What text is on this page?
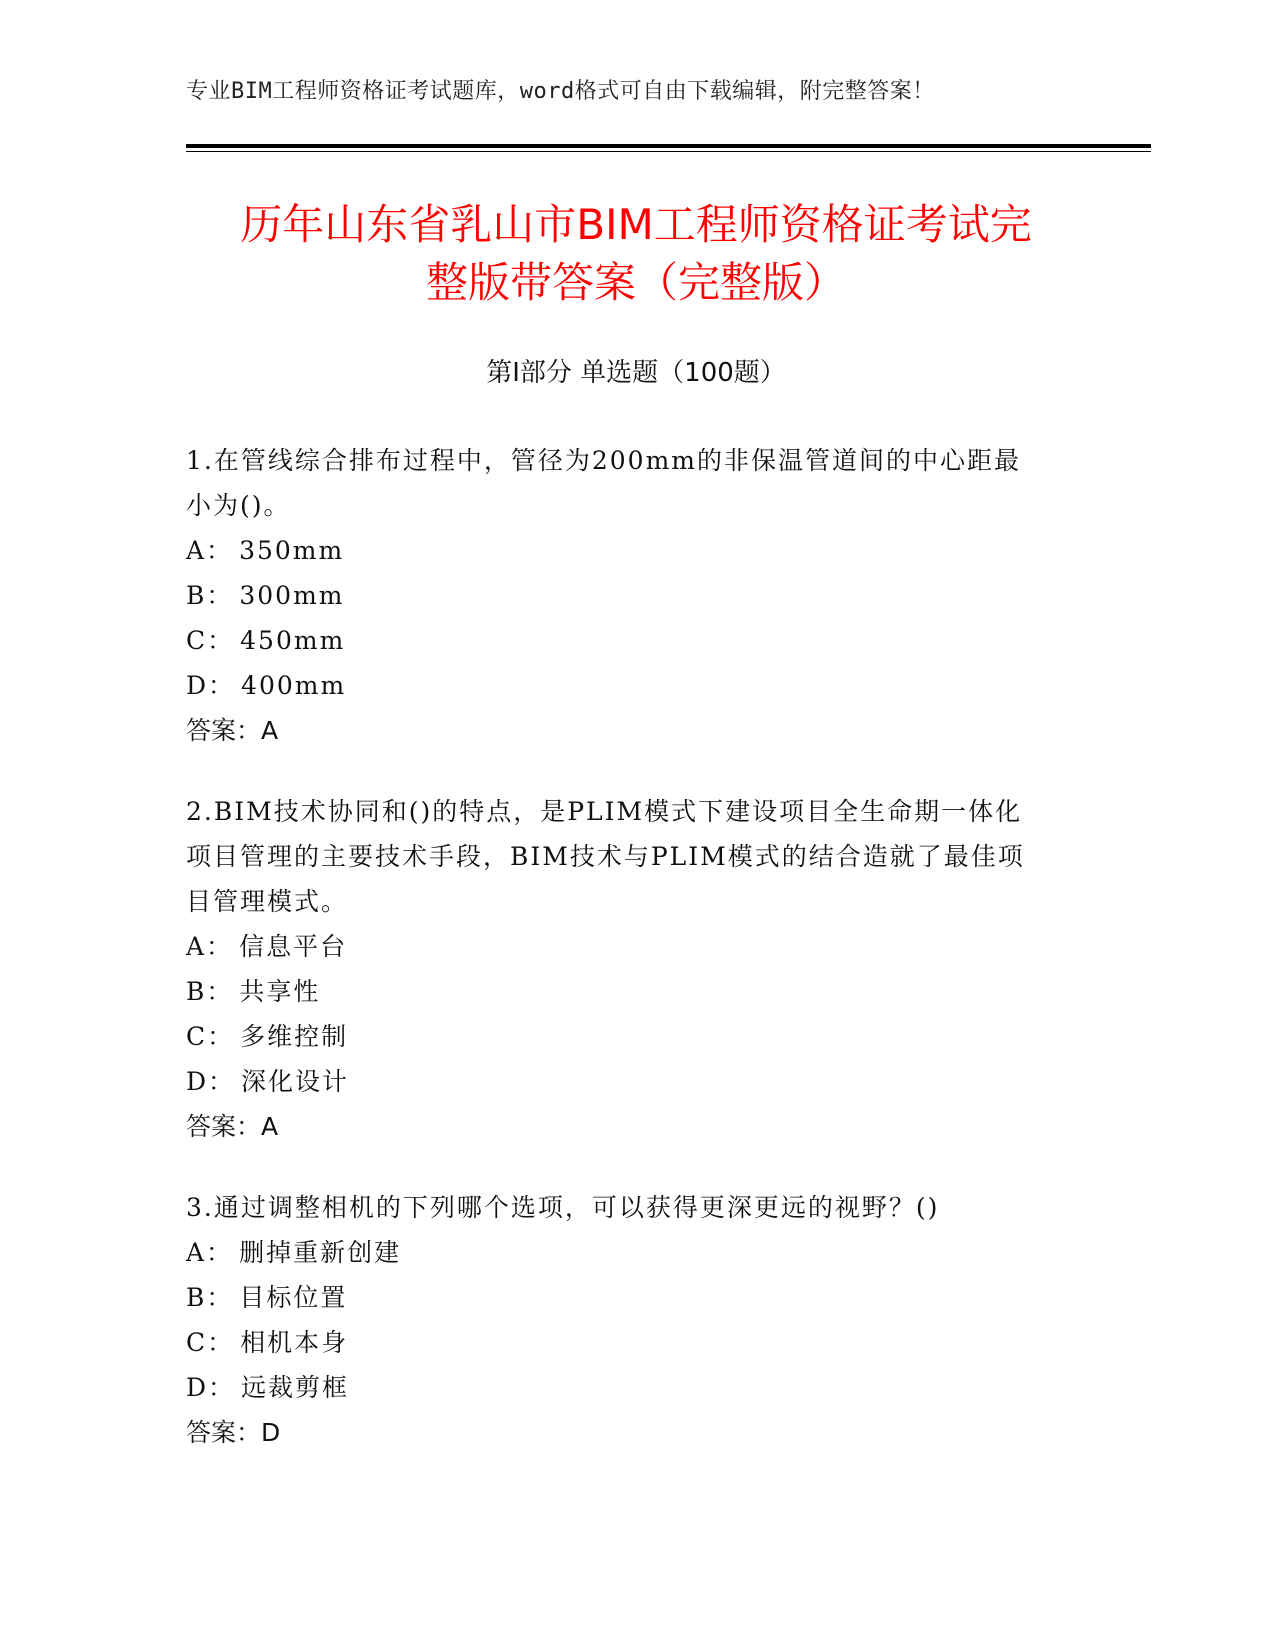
专业BIM工程师资格证考试题库，word格式可自由下载编辑，附完整答案！
历年山东省乳山市BIM工程师资格证考试完
整版带答案（完整版）
第Ⅰ部分 单选题（100题）

1.在管线综合排布过程中，管径为200mm的非保温管道间的中心距最

小为()。

A： 350mm

B： 300mm

C： 450mm

D： 400mm

答案：A

2.BIM技术协同和()的特点，是PLIM模式下建设项目全生命期一体化

项目管理的主要技术手段，BIM技术与PLIM模式的结合造就了最佳项

目管理模式。

A： 信息平台

B： 共享性

C： 多维控制

D： 深化设计

答案：A

3.通过调整相机的下列哪个选项，可以获得更深更远的视野？()

A： 删掉重新创建

B： 目标位置

C： 相机本身

D： 远裁剪框

答案：D
